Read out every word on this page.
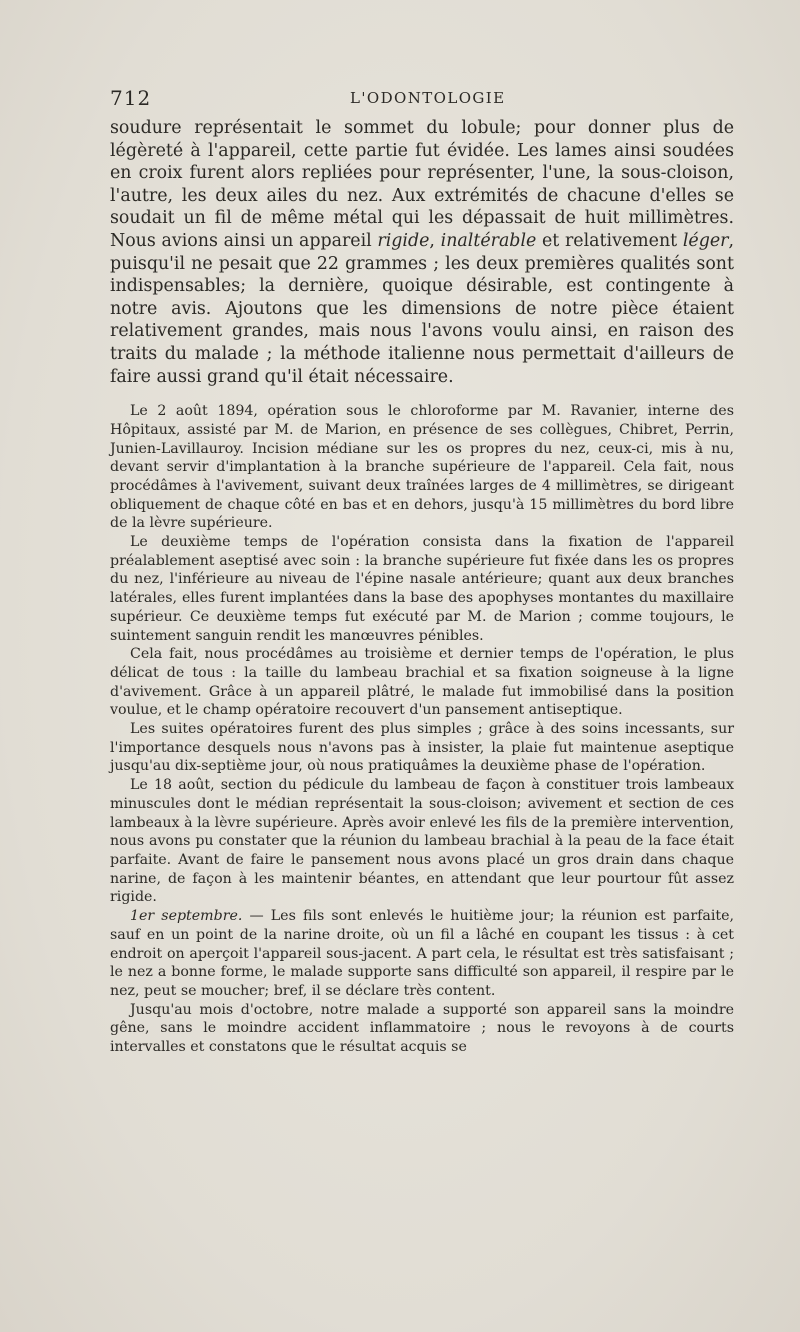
712	L'ODONTOLOGIE

soudure représentait le sommet du lobule; pour donner plus de légèreté à l'appareil, cette partie fut évidée. Les lames ainsi soudées en croix furent alors repliées pour représenter, l'une, la sous-cloison, l'autre, les deux ailes du nez. Aux extrémités de chacune d'elles se soudait un fil de même métal qui les dépassait de huit millimètres. Nous avions ainsi un appareil rigide, inaltérable et relativement léger, puisqu'il ne pesait que 22 grammes ; les deux premières qualités sont indispensables; la dernière, quoique désirable, est contingente à notre avis. Ajoutons que les dimensions de notre pièce étaient relativement grandes, mais nous l'avons voulu ainsi, en raison des traits du malade ; la méthode italienne nous permettait d'ailleurs de faire aussi grand qu'il était nécessaire.

Le 2 août 1894, opération sous le chloroforme par M. Ravanier, interne des Hôpitaux, assisté par M. de Marion, en présence de ses collègues, Chibret, Perrin, Junien-Lavillauroy. Incision médiane sur les os propres du nez, ceux-ci, mis à nu, devant servir d'implantation à la branche supérieure de l'appareil. Cela fait, nous procédâmes à l'avivement, suivant deux traînées larges de 4 millimètres, se dirigeant obliquement de chaque côté en bas et en dehors, jusqu'à 15 millimètres du bord libre de la lèvre supérieure.

Le deuxième temps de l'opération consista dans la fixation de l'appareil préalablement aseptisé avec soin : la branche supérieure fut fixée dans les os propres du nez, l'inférieure au niveau de l'épine nasale antérieure; quant aux deux branches latérales, elles furent implantées dans la base des apophyses montantes du maxillaire supérieur. Ce deuxième temps fut exécuté par M. de Marion ; comme toujours, le suintement sanguin rendit les manœuvres pénibles.

Cela fait, nous procédâmes au troisième et dernier temps de l'opération, le plus délicat de tous : la taille du lambeau brachial et sa fixation soigneuse à la ligne d'avivement. Grâce à un appareil plâtré, le malade fut immobilisé dans la position voulue, et le champ opératoire recouvert d'un pansement antiseptique.

Les suites opératoires furent des plus simples ; grâce à des soins incessants, sur l'importance desquels nous n'avons pas à insister, la plaie fut maintenue aseptique jusqu'au dix-septième jour, où nous pratiquâmes la deuxième phase de l'opération.

Le 18 août, section du pédicule du lambeau de façon à constituer trois lambeaux minuscules dont le médian représentait la sous-cloison; avivement et section de ces lambeaux à la lèvre supérieure. Après avoir enlevé les fils de la première intervention, nous avons pu constater que la réunion du lambeau brachial à la peau de la face était parfaite. Avant de faire le pansement nous avons placé un gros drain dans chaque narine, de façon à les maintenir béantes, en attendant que leur pourtour fût assez rigide.

1er septembre. — Les fils sont enlevés le huitième jour; la réunion est parfaite, sauf en un point de la narine droite, où un fil a lâché en coupant les tissus : à cet endroit on aperçoit l'appareil sous-jacent. A part cela, le résultat est très satisfaisant ; le nez a bonne forme, le malade supporte sans difficulté son appareil, il respire par le nez, peut se moucher; bref, il se déclare très content.

Jusqu'au mois d'octobre, notre malade a supporté son appareil sans la moindre gêne, sans le moindre accident inflammatoire ; nous le revoyons à de courts intervalles et constatons que le résultat acquis se
